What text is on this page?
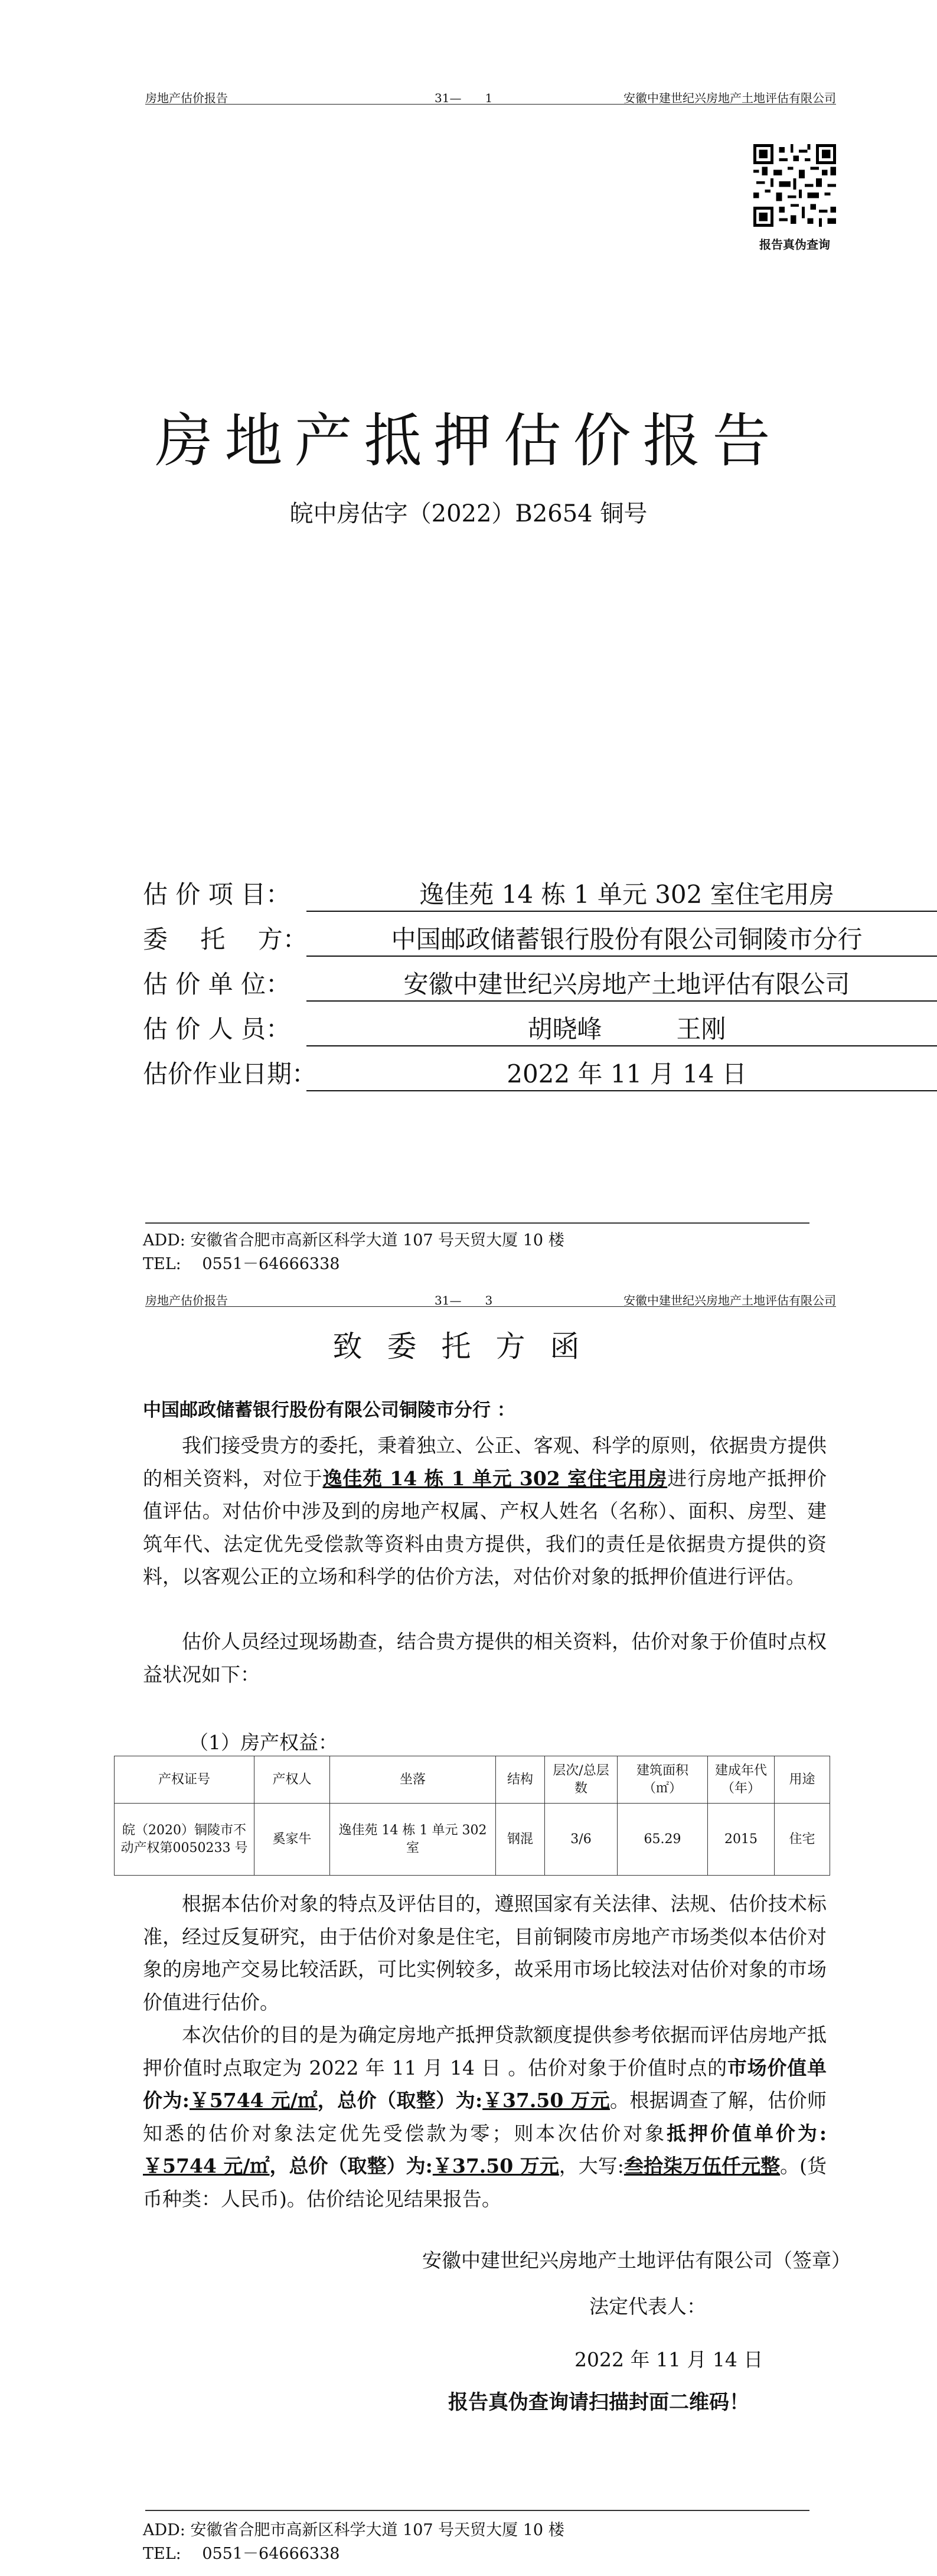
房地产估价报告	31—　　1	安徽中建世纪兴房地产土地评估有限公司
报告真伪查询
房地产抵押估价报告
皖中房估字（2022）B2654 铜号
估 价 项 目：	逸佳苑 14 栋 1 单元 302 室住宅用房
委　 托　 方：	中国邮政储蓄银行股份有限公司铜陵市分行
估 价 单 位：	安徽中建世纪兴房地产土地评估有限公司
估 价 人 员：	胡晓峰　　　王刚
估价作业日期：	2022 年 11 月 14 日
ADD: 安徽省合肥市高新区科学大道 107 号天贸大厦 10 楼
TEL:　 0551－64666338
房地产估价报告	31—　　3	安徽中建世纪兴房地产土地评估有限公司
致委托方函
中国邮政储蓄银行股份有限公司铜陵市分行 ：
我们接受贵方的委托，秉着独立、公正、客观、科学的原则，依据贵方提供的相关资料，对位于逸佳苑 14 栋 1 单元 302 室住宅用房进行房地产抵押价值评估。对估价中涉及到的房地产权属、产权人姓名（名称）、面积、房型、建筑年代、法定优先受偿款等资料由贵方提供，我们的责任是依据贵方提供的资料，以客观公正的立场和科学的估价方法，对估价对象的抵押价值进行评估。
估价人员经过现场勘查，结合贵方提供的相关资料，估价对象于价值时点权益状况如下：
（1）房产权益：
产权证号	产权人	坐落	结构	层次/总层数	建筑面积（㎡）	建成年代（年）	用途
皖（2020）铜陵市不动产权第0050233 号	奚家牛	逸佳苑 14 栋 1 单元 302 室	钢混	3/6	65.29	2015	住宅
根据本估价对象的特点及评估目的，遵照国家有关法律、法规、估价技术标准，经过反复研究，由于估价对象是住宅，目前铜陵市房地产市场类似本估价对象的房地产交易比较活跃，可比实例较多，故采用市场比较法对估价对象的市场价值进行估价。
本次估价的目的是为确定房地产抵押贷款额度提供参考依据而评估房地产抵押价值时点取定为 2022 年 11 月 14 日 。估价对象于价值时点的市场价值单价为:￥5744 元/㎡，总价（取整）为:￥37.50 万元。根据调查了解，估价师知悉的估价对象法定优先受偿款为零；则本次估价对象抵押价值单价为:￥5744 元/㎡，总价（取整）为:￥37.50 万元，大写:叁拾柒万伍仟元整。(货币种类：人民币)。估价结论见结果报告。
安徽中建世纪兴房地产土地评估有限公司（签章）
法定代表人：
2022 年 11 月 14 日
报告真伪查询请扫描封面二维码！
ADD: 安徽省合肥市高新区科学大道 107 号天贸大厦 10 楼
TEL:　 0551－64666338
